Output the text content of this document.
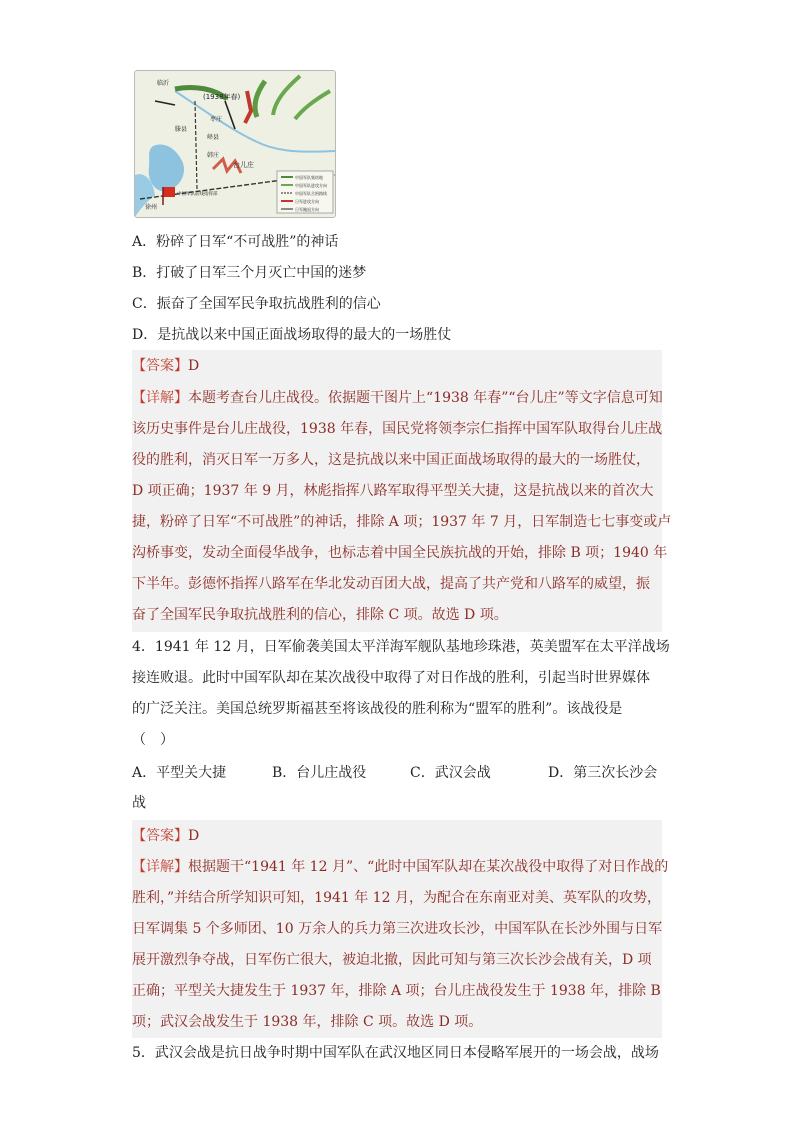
(1938年春)
临沂
滕县
枣庄
峄县
台儿庄
韩庄
徐州
中国军队前线指挥部
中国军队集结地
中国军队进攻方向
中国军队合围路线
日军进攻方向
日军撤退方向
A．粉碎了日军“不可战胜”的神话
B．打破了日军三个月灭亡中国的迷梦
C．振奋了全国军民争取抗战胜利的信心
D．是抗战以来中国正面战场取得的最大的一场胜仗
【答案】D
【详解】本题考查台儿庄战役。依据题干图片上“1938 年春”“台儿庄”等文字信息可知
该历史事件是台儿庄战役，1938 年春，国民党将领李宗仁指挥中国军队取得台儿庄战
役的胜利，消灭日军一万多人，这是抗战以来中国正面战场取得的最大的一场胜仗，
D 项正确；1937 年 9 月，林彪指挥八路军取得平型关大捷，这是抗战以来的首次大
捷，粉碎了日军“不可战胜”的神话，排除 A 项；1937 年 7 月，日军制造七七事变或卢
沟桥事变，发动全面侵华战争，也标志着中国全民族抗战的开始，排除 B 项；1940 年
下半年。彭德怀指挥八路军在华北发动百团大战，提高了共产党和八路军的威望，振
奋了全国军民争取抗战胜利的信心，排除 C 项。故选 D 项。
4．1941 年 12 月，日军偷袭美国太平洋海军舰队基地珍珠港，英美盟军在太平洋战场
接连败退。此时中国军队却在某次战役中取得了对日作战的胜利，引起当时世界媒体
的广泛关注。美国总统罗斯福甚至将该战役的胜利称为“盟军的胜利”。该战役是
（　）
A．平型关大捷	B．台儿庄战役	C．武汉会战	D．第三次长沙会
战
【答案】D
【详解】根据题干“1941 年 12 月”、“此时中国军队却在某次战役中取得了对日作战的
胜利，”并结合所学知识可知，1941 年 12 月，为配合在东南亚对美、英军队的攻势，
日军调集 5 个多师团、10 万余人的兵力第三次进攻长沙，中国军队在长沙外围与日军
展开激烈争夺战，日军伤亡很大，被迫北撤，因此可知与第三次长沙会战有关，D 项
正确；平型关大捷发生于 1937 年，排除 A 项；台儿庄战役发生于 1938 年，排除 B
项；武汉会战发生于 1938 年，排除 C 项。故选 D 项。
5．武汉会战是抗日战争时期中国军队在武汉地区同日本侵略军展开的一场会战，战场
